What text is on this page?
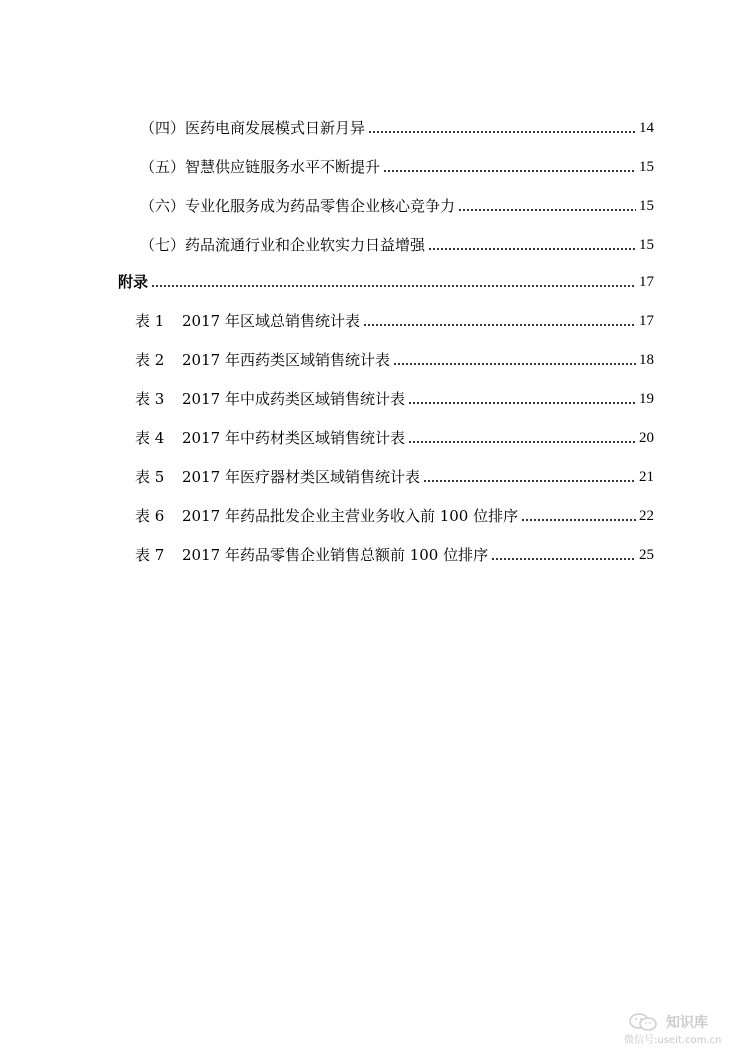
（四）医药电商发展模式日新月异	14
（五）智慧供应链服务水平不断提升	15
（六）专业化服务成为药品零售企业核心竞争力	15
（七）药品流通行业和企业软实力日益增强	15
附录	17
表 1	2017 年区域总销售统计表	17
表 2	2017 年西药类区域销售统计表	18
表 3	2017 年中成药类区域销售统计表	19
表 4	2017 年中药材类区域销售统计表	20
表 5	2017 年医疗器材类区域销售统计表	21
表 6	2017 年药品批发企业主营业务收入前 100 位排序	22
表 7	2017 年药品零售企业销售总额前 100 位排序	25
知识库
微信号:useit.com.cn
